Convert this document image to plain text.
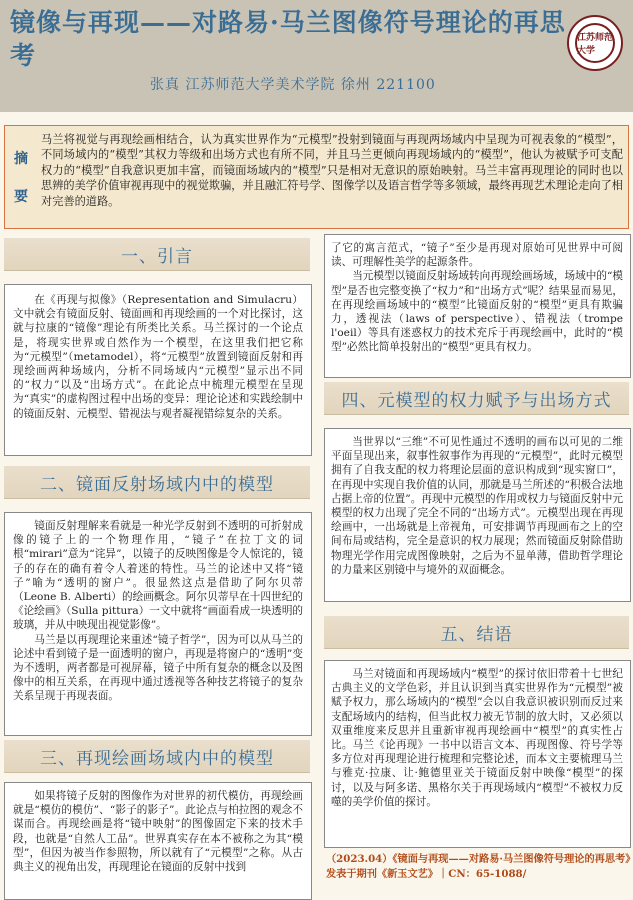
镜像与再现——对路易·马兰图像符号理论的再思考
张真 江苏师范大学美术学院 徐州 221100
江苏师范大学
摘
要
马兰将视觉与再现绘画相结合，认为真实世界作为“元模型”投射到镜面与再现两场域内中呈现为可视表象的“模型”，不同场域内的“模型”其权力等级和出场方式也有所不同，并且马兰更倾向再现场域内的“模型”，他认为被赋予可支配权力的“模型”自我意识更加丰富，而镜面场域内的“模型”只是相对无意识的原始映射。马兰丰富再现理论的同时也以思辨的美学价值审视再现中的视觉欺骗，并且融汇符号学、图像学以及语言哲学等多领域，最终再现艺术理论走向了相对完善的道路。
一、引言

在《再现与拟像》（Representation and Simulacru）文中就会有镜面反射、镜面画和再现绘画的一个对比探讨，这就与拉康的“镜像”理论有所类比关系。马兰探讨的一个论点是，将现实世界或自然作为一个模型，在这里我们把它称为“元模型”（metamodel），将“元模型”放置到镜面反射和再现绘画两种场域内，分析不同场域内“元模型”显示出不同的“权力”以及“出场方式”。在此论点中梳理元模型在呈现为“真实”的虚构图过程中出场的变异：理论论述和实践绘制中的镜面反射、元模型、错视法与观者凝视错综复杂的关系。

二、镜面反射场域内中的模型

镜面反射理解来看就是一种光学反射到不透明的可折射成像的镜子上的一个物理作用，“镜子”在拉丁文的词根“mirari”意为“诧异”，以镜子的反映图像是令人惊诧的，镜子的存在的确有着令人着迷的特性。马兰的论述中又将“镜子”喻为“透明的窗户”。很显然这点是借助了阿尔贝蒂（Leone B. Alberti）的绘画概念。阿尔贝蒂早在十四世纪的《论绘画》（Sulla pittura）一文中就将“画面看成一块透明的玻璃，并从中映现出视觉影像”。

马兰是以再现理论来重述“镜子哲学”，因为可以从马兰的论述中看到镜子是一面透明的窗户，再现是将窗户的“透明”变为不透明，两者都是可视屏幕，镜子中所有复杂的概念以及图像中的相互关系，在再现中通过透视等各种技艺将镜子的复杂关系呈现于再现表面。

三、再现绘画场域内中的模型

如果将镜子反射的图像作为对世界的初代模仿，再现绘画就是“模仿的模仿”、“影子的影子”。此论点与柏拉图的观念不谋而合。再现绘画是将“镜中映射”的图像固定下来的技术手段，也就是“自然人工品”。世界真实存在本不被称之为其“模型”，但因为被当作参照物，所以就有了“元模型”之称。从古典主义的视角出发，再现理论在镜面的反射中找到

了它的寓言范式，“镜子”至少是再现对原始可见世界中可阅读、可理解性美学的起源条件。

当元模型以镜面反射场域转向再现绘画场域，场域中的“模型”是否也完整变换了“权力”和“出场方式”呢？结果显而易见，在再现绘画场域中的“模型”比镜面反射的“模型”更具有欺骗力，透视法（laws of perspective）、错视法（trompe l'oeil）等具有迷惑权力的技术充斥于再现绘画中，此时的“模型”必然比简单投射出的“模型”更具有权力。

四、元模型的权力赋予与出场方式

当世界以“三维”不可见性通过不透明的画布以可见的二维平面呈现出来，叙事性叙事作为再现的“元模型”，此时元模型拥有了自我支配的权力将理论层面的意识构成到“现实窗口”，在再现中实现自我价值的认同，那就是马兰所述的“积极合法地占据上帝的位置”。再现中元模型的作用或权力与镜面反射中元模型的权力出现了完全不同的“出场方式”。元模型出现在再现绘画中，一出场就是上帝视角，可安排调节再现画布之上的空间布局或结构，完全是意识的权力展现；然而镜面反射除借助物理光学作用完成图像映射，之后为不显单薄，借助哲学理论的力量来区别镜中与境外的双面概念。

五、结语

马兰对镜面和再现场域内“模型”的探讨依旧带着十七世纪古典主义的文学色彩，并且认识到当真实世界作为“元模型”被赋予权力，那么场域内的“模型”会以自我意识被识别而反过来支配场域内的结构，但当此权力被无节制的放大时，又必须以双重维度来反思并且重新审视再现绘画中“模型”的真实性占比。马兰《论再现》一书中以语言文本、再现图像、符号学等多方位对再现理论进行梳理和完整论述，而本文主要梳理马兰与雅克·拉康、让·鲍德里亚关于镜面反射中映像“模型”的探讨，以及与阿多诺、黑格尔关于再现场域内“模型”不被权力反噬的美学价值的探讨。

（2023.04）《镜面与再现——对路易·马兰图像符号理论的再思考》发表于期刊《新玉文艺》｜CN：65-1088/
